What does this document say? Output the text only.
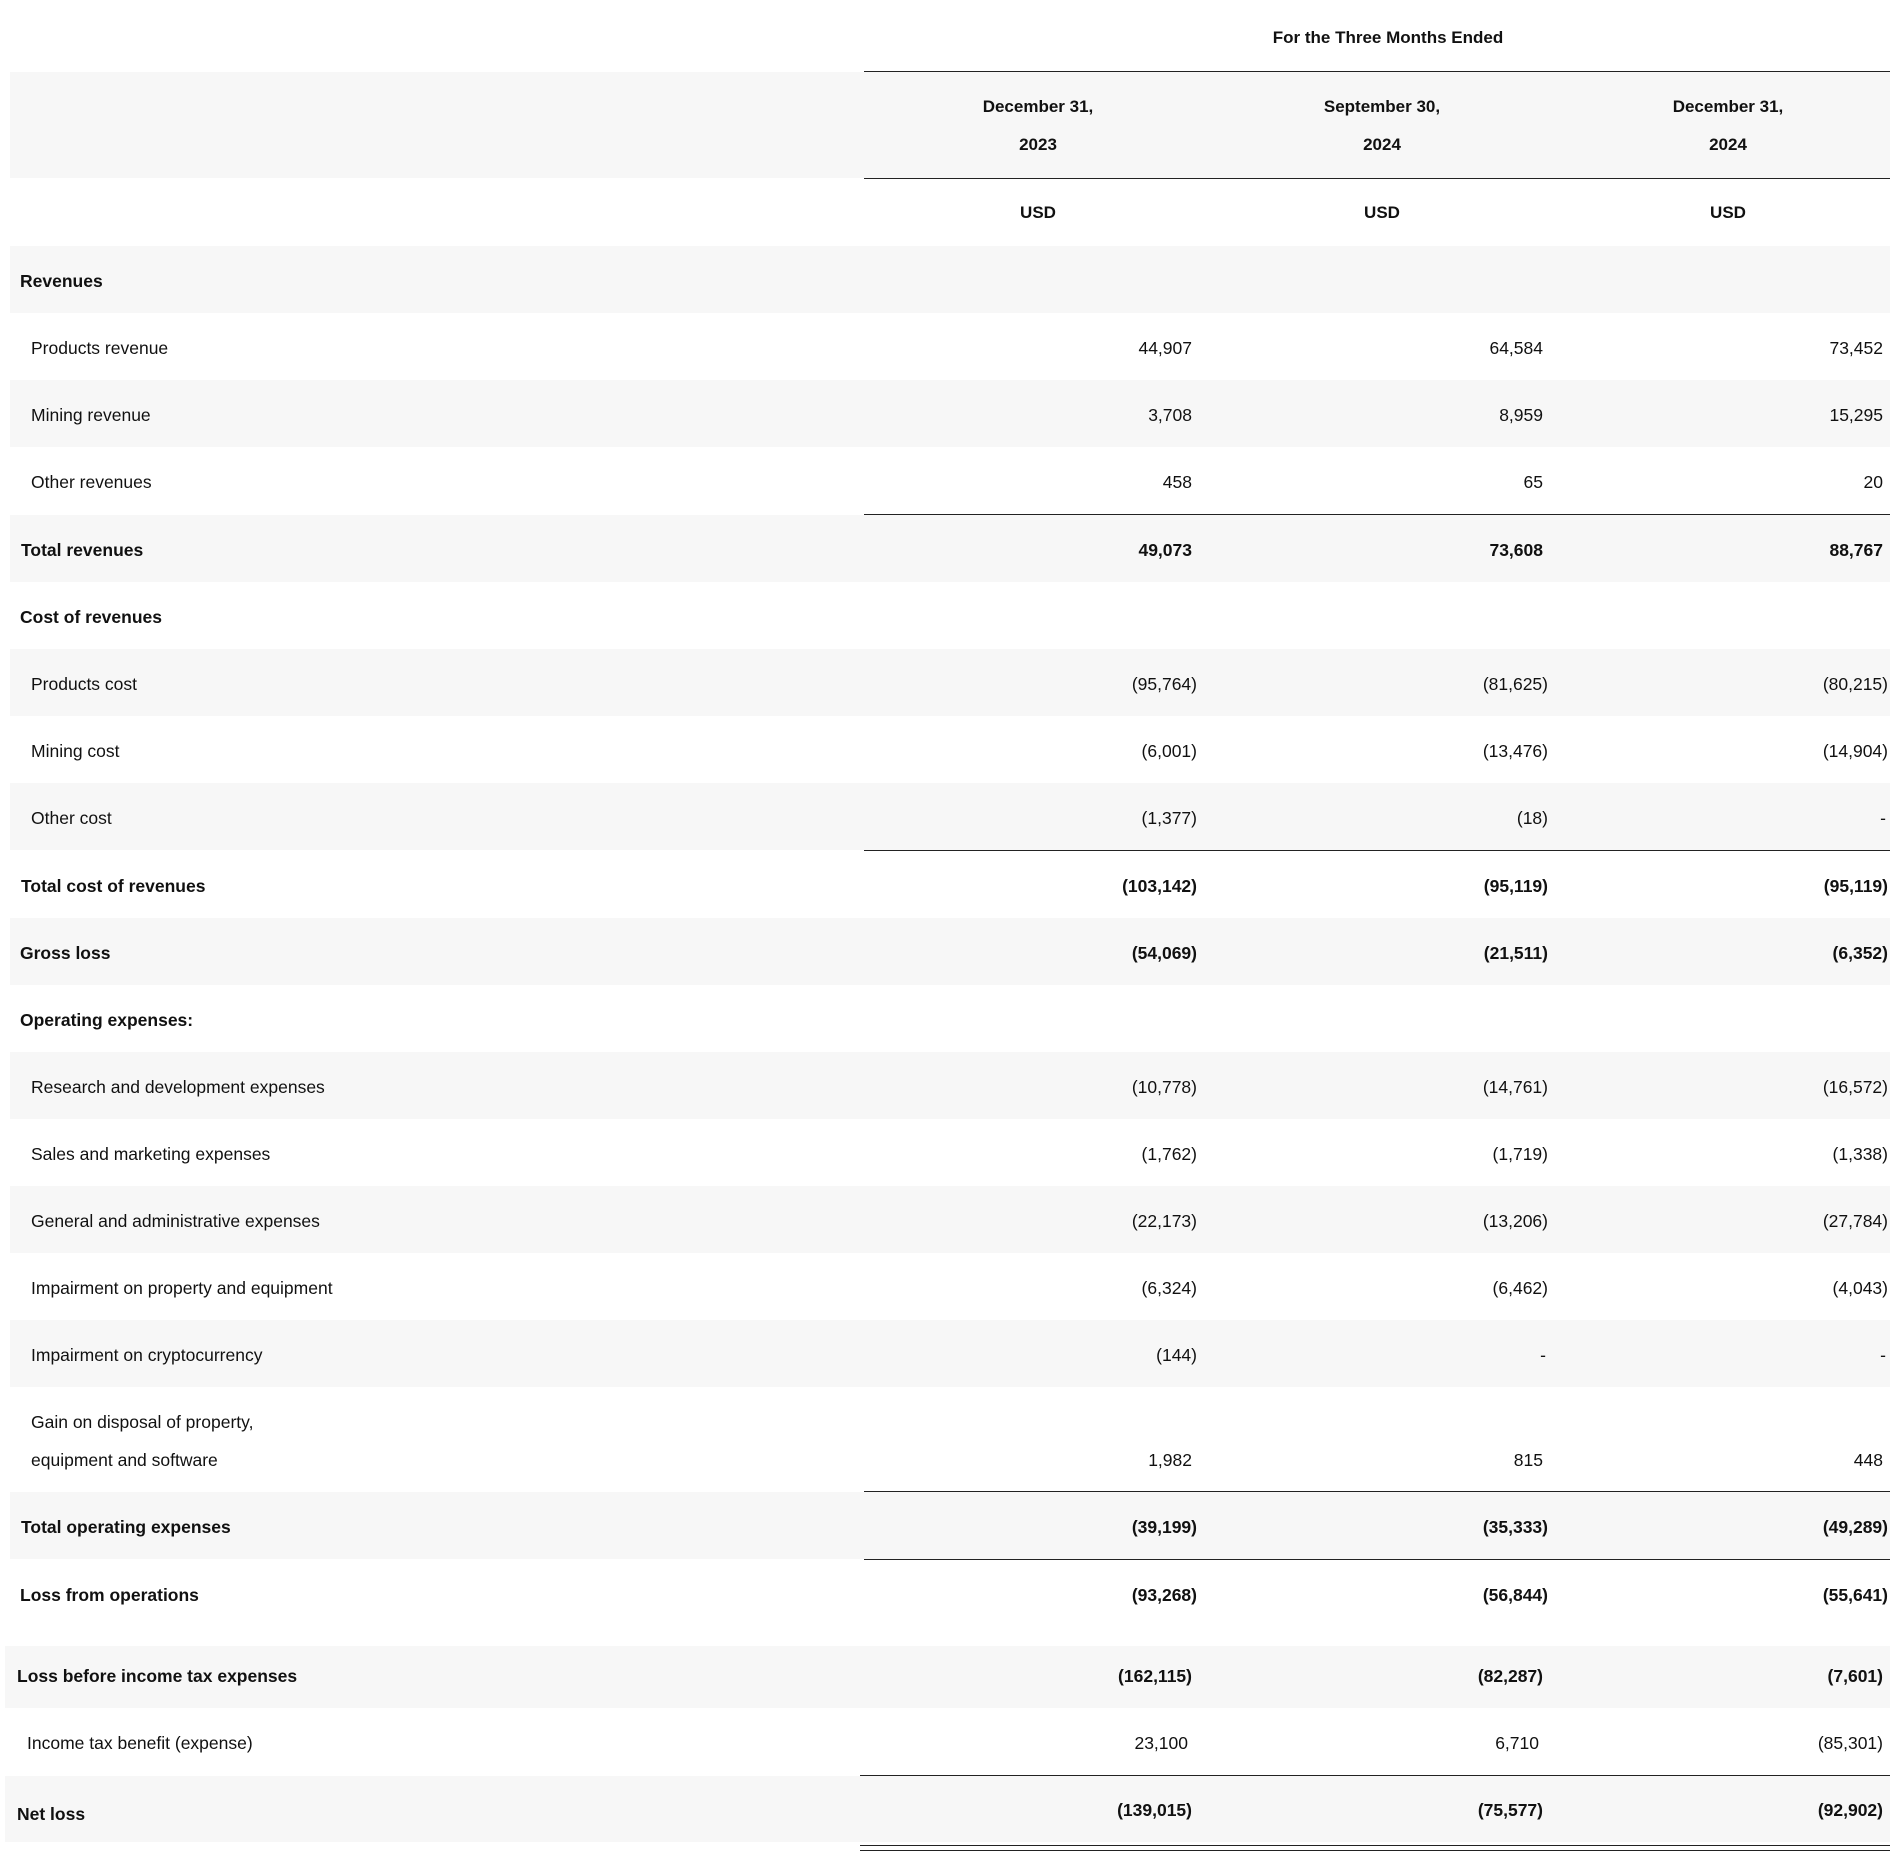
For the Three Months Ended
December 31,
2023
September 30,
2024
December 31,
2024
USD	USD	USD
Revenues
Products revenue	44,907	64,584	73,452
Mining revenue	3,708	8,959	15,295
Other revenues	458	65	20
Total revenues	49,073	73,608	88,767
Cost of revenues
Products cost	(95,764)	(81,625)	(80,215)
Mining cost	(6,001)	(13,476)	(14,904)
Other cost	(1,377)	(18)	-
Total cost of revenues	(103,142)	(95,119)	(95,119)
Gross loss	(54,069)	(21,511)	(6,352)
Operating expenses:
Research and development expenses	(10,778)	(14,761)	(16,572)
Sales and marketing expenses	(1,762)	(1,719)	(1,338)
General and administrative expenses	(22,173)	(13,206)	(27,784)
Impairment on property and equipment	(6,324)	(6,462)	(4,043)
Impairment on cryptocurrency	(144)	-	-
Gain on disposal of property,
equipment and software	1,982	815	448
Total operating expenses	(39,199)	(35,333)	(49,289)
Loss from operations	(93,268)	(56,844)	(55,641)
Loss before income tax expenses	(162,115)	(82,287)	(7,601)
Income tax benefit (expense)	23,100	6,710	(85,301)
Net loss	(139,015)	(75,577)	(92,902)
